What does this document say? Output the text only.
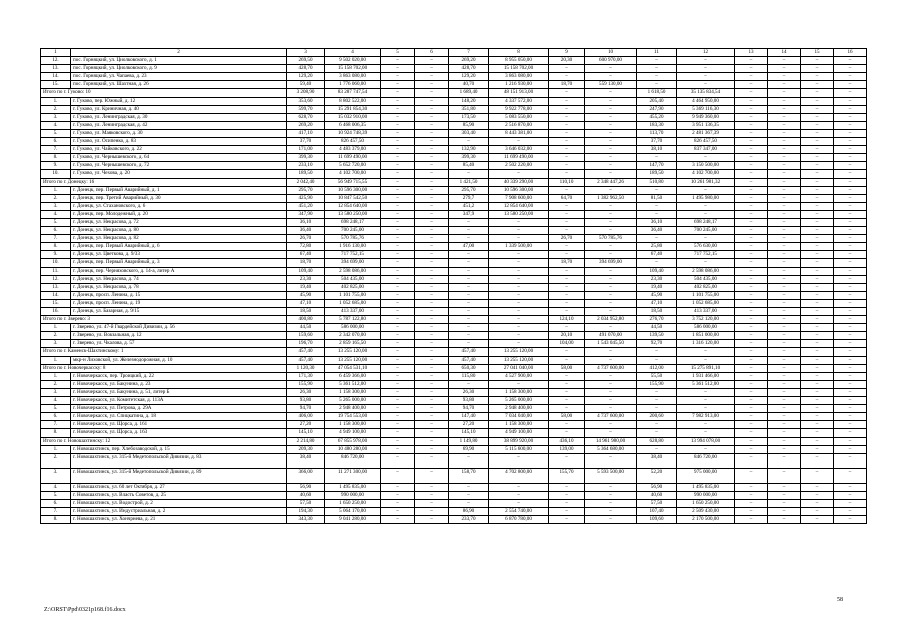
1	2	3	4	5	6	7	8	9	10	11	12	13	14	15	16
12.	пос. Горняцкий, ул. Циолковского, д. 1	269,50	9 502 020,00	–	–	269,20	8 955 050,00	20,30	600 970,00	–	–	–	–	–	–
13.	пос. Горняцкий, ул. Циолковского, д. 9	428,70	15 158 702,00	–	–	428,70	15 158 702,00	–	–	–	–	–	–	–	–
14.	пос. Горняцкий, ул. Чапаева, д. 23	129,20	3 863 080,00	–	–	129,20	3 863 080,00	–	–	–	–	–	–	–	–
15.	пос. Горняцкий, ул. Шахтная, д. 26	59,40	1 776 060,00	–	–	40,70	1 216 930,00	18,70	559 130,00	–	–	–	–	–	–
Итого по г. Гуково: 10		3 208,90	83 287 747,54	–	–	1 689,40	48 151 913,00	–	–	1 618,50	35 135 834,54	–	–	–	–
1.	г. Гуково, пер. Южный, д. 12	353,60	8 802 522,00	–	–	148,20	4 337 572,00	–	–	205,40	4 464 950,00	–	–	–	–
2.	г. Гуково, ул. Криничная, д. 40	599,70	15 291 854,30	–	–	351,80	9 922 778,00	–	–	247,90	5 369 116,30	–	–	–	–
3.	г. Гуково, ул. Ленинградская, д. 30	628,70	15 032 910,00	–	–	173,50	5 083 550,00	–	–	455,20	9 949 360,00	–	–	–	–
4.	г. Гуково, ул. Ленинградская, д. 42	269,20	6 468 006,35	–	–	85,90	2 516 870,00	–	–	183,30	3 951 136,35	–	–	–	–
5.	г. Гуково, ул. Маяковского, д. 30	417,10	10 924 748,39	–	–	303,40	8 443 381,00	–	–	113,70	2 481 367,39	–	–	–	–
6.	г. Гуково, ул. Осипенко, д. 83	37,70	826 457,50	–	–	–	–	–	–	37,70	826 457,50	–	–	–	–
7.	г. Гуково, ул. Чайковского, д. 22	171,00	4 483 379,00	–	–	132,90	3 646 032,00	–	–	38,10	837 347,00	–	–	–	–
8.	г. Гуково, ул. Чернышевского, д. 64	399,30	11 699 490,00	–	–	399,30	11 699 490,00	–	–	–	–	–	–	–	–
9.	г. Гуково, ул. Чернышевского, д. 72	233,10	5 652 720,00	–	–	85,40	2 502 220,00	–	–	147,70	3 150 500,00	–	–	–	–
10.	г. Гуково, ул. Чехова, д. 20	189,50	4 102 700,00	–	–	–	–	–	–	189,50	4 102 700,00	–	–	–	–
Итого по г. Донецку: 16		2 042,40	56 949 715,55	–	–	1 421,50	40 339 290,00	110,10	2 348 447,26	510,80	10 261 981,32	–	–	–	–
1.	г. Донецк, пер. Первый Аварийный, д. 1	295,70	10 596 300,00	–	–	295,70	10 596 300,00	–	–	–	–	–	–	–	–
2.	г. Донецк, пер. Третий Аварийный, д. 30	425,90	10 847 542,50	–	–	279,7	7 908 600,00	64,70	1 382 962,50	81,50	1 495 980,00	–	–	–	–
3.	г. Донецк, ул. Стахановского, д. 6	451,20	12 854 640,00	–	–	451,2	12 854 640,00	–	–	–	–	–	–	–	–
4.	г. Донецк, пер. Молодежный, д. 20	347,90	13 580 250,00	–	–	347,9	13 580 250,00	–	–	–	–	–	–	–	–
5.	г. Донецк, ул. Некрасова, д. 72	36,10	698 248,17	–	–	–	–	–	–	36,10	698 248,17	–	–	–	–
6.	г. Донецк, ул. Некрасова, д. 80	36,40	700 245,00	–	–	–	–	–	–	36,40	700 245,00	–	–	–	–
7.	г. Донецк, ул. Некрасова, д. 82	26,70	570 785,76	–	–	–	–	26,70	570 785,76	–	–	–	–	–	–
8.	г. Донецк, пер. Первый Аварийный, д. 6	72,80	1 916 130,00	–	–	47,00	1 339 500,00	–	–	25,80	576 630,00	–	–	–	–
9.	г. Донецк, ул. Цветкова, д. 9/33	67,40	717 752,15	–	–	–	–	–	–	67,40	717 752,15	–	–	–	–
10.	г. Донецк, пер. Первый Аварийный, д. 3	18,70	394 699,00	–	–	–	–	18,70	394 699,00	–	–	–	–	–	–
11.	г. Донецк, пер. Черняховского, д. 14-а, литер А	109,40	2 598 086,00	–	–	–	–	–	–	109,40	2 598 086,00	–	–	–	–
12.	г. Донецк, ул. Некрасова, д. 74	23,30	504 435,00	–	–	–	–	–	–	23,30	504 435,00	–	–	–	–
13.	г. Донецк, ул. Некрасова, д. 78	19,40	402 825,00	–	–	–	–	–	–	19,40	402 825,00	–	–	–	–
14.	г. Донецк, просп. Ленина, д. 15	45,90	1 101 755,00	–	–	–	–	–	–	45,90	1 101 755,00	–	–	–	–
15.	г. Донецк, просп. Ленина, д. 19	47,10	1 052 685,00	–	–	–	–	–	–	47,10	1 052 685,00	–	–	–	–
16.	г. Донецк, ул. Базарная, д. 9/15	18,50	413 337,00	–	–	–	–	–	–	18,50	413 337,00	–	–	–	–
Итого по г. Зверево: 3		400,80	5 787 122,80	–	–	–	–	124,10	2 034 952,80	276,70	3 752 120,00	–	–	–	–
1.	г. Зверево, ул. 47-й Гвардейской Дивизии, д. 56	44,50	586 000,00	–	–	–	–	–	–	44,50	586 000,00	–	–	–	–
2.	г. Зверево, ул. Вокзальная, д. 12	159,60	2 342 070,00	–	–	–	–	20,10	491 070,00	139,50	1 851 000,00	–	–	–	–
3.	г. Зверево, ул. Чкалова, д. 57	196,70	2 859 165,50	–	–	–	–	104,00	1 543 045,50	92,70	1 316 120,00	–	–	–	–
Итого по г. Каменск-Шахтинскому: 1		457,40	13 255 120,00	–	–	457,40	13 255 120,00	–	–	–	–	–	–	–	–
1.	мкр-н Лиховской, ул. Железнодорожная, д. 10	457,40	13 255 120,00	–	–	457,40	13 255 120,00	–	–	–	–	–	–	–	–
Итого по г. Новочеркасску: 8		1 120,30	47 054 531,10	–	–	650,30	27 041 040,00	58,00	4 737 600,00	412,00	15 275 891,10	–	–	–	–
1.	г. Новочеркасск, пер. Троицкий, д. 22	171,30	6 459 366,00	–	–	115,80	4 527 900,00	–	–	55,50	1 931 466,00	–	–	–	–
2.	г. Новочеркасск, ул. Бакунина, д. 23	155,90	5 361 512,00	–	–	–	–	–	–	155,90	5 361 512,00	–	–	–	–
3.	г. Новочеркасск, ул. Бакунина, д. 51, литер Б	26,30	1 158 300,00	–	–	26,30	1 158 300,00	–	–	–	–	–	–	–	–
4.	г. Новочеркасск, ул. Комитетская, д. 113А	93,80	5 265 000,00	–	–	93,80	5 265 000,00	–	–	–	–	–	–	–	–
5.	г. Новочеркасск, ул. Петрова, д. 29А	94,70	2 948 400,00	–	–	94,70	2 948 400,00	–	–	–	–	–	–	–	–
6.	г. Новочеркасск, ул. Спицкатина, д. 18	406,00	19 754 553,00	–	–	147,40	7 034 040,00	58,00	4 737 600,00	200,60	7 982 913,00	–	–	–	–
7.	г. Новочеркасск, ул. Щорса, д. 161	27,20	1 158 300,00	–	–	27,20	1 158 300,00	–	–	–	–	–	–	–	–
8.	г. Новочеркасск, ул. Щорса, д. 163	145,10	4 949 100,00	–	–	145,10	4 949 100,00	–	–	–	–	–	–	–	–
Итого по г. Новошахтинску: 12		2 214,80	67 855 978,00	–	–	1 149,80	38 899 920,00	436,10	14 961 980,00	628,80	13 994 078,00	–	–	–	–
1.	г. Новошахтинск, пер. Хлебозаводской, д. 15	209,30	10 480 280,00	–	–	69,90	5 115 600,00	139,00	5 364 680,00	–	–	–	–	–	–
2.	г. Новошахтинск, ул. 315-й Медетопольской Дивизии, д. 83	38,40	846 720,00	–	–	–	–	–	–	38,40	846 720,00	–	–	–	–
3.	г. Новошахтинск, ул. 315-й Медетопольской Дивизии, д. 89	366,00	11 271 300,00	–	–	158,70	4 702 800,00	155,70	5 593 500,00	52,20	975 000,00	–	–	–	–
4.	г. Новошахтинск, ул. 60 лет Октября, д. 27	56,90	1 495 835,00	–	–	–	–	–	–	56,90	1 495 835,00	–	–	–	–
5.	г. Новошахтинск, ул. Власть Советов, д. 25	40,60	990 000,00	–	–	–	–	–	–	40,60	990 000,00	–	–	–	–
6.	г. Новошахтинск, ул. Водострой, д. 2	57,50	1 650 250,00	–	–	–	–	–	–	57,50	1 650 250,00	–	–	–	–
7.	г. Новошахтинск, ул. Индустриальная, д. 2	194,30	5 064 170,00	–	–	86,90	2 554 740,00	–	–	107,40	2 509 430,00	–	–	–	–
8.	г. Новошахтинск, ул. Хончрнева, д. 21	343,30	9 041 280,00	–	–	233,70	6 870 780,00	–	–	109,60	2 170 500,00	–	–	–	–
Z:\ORST\Ppd\0321p168.f16.docx
58
